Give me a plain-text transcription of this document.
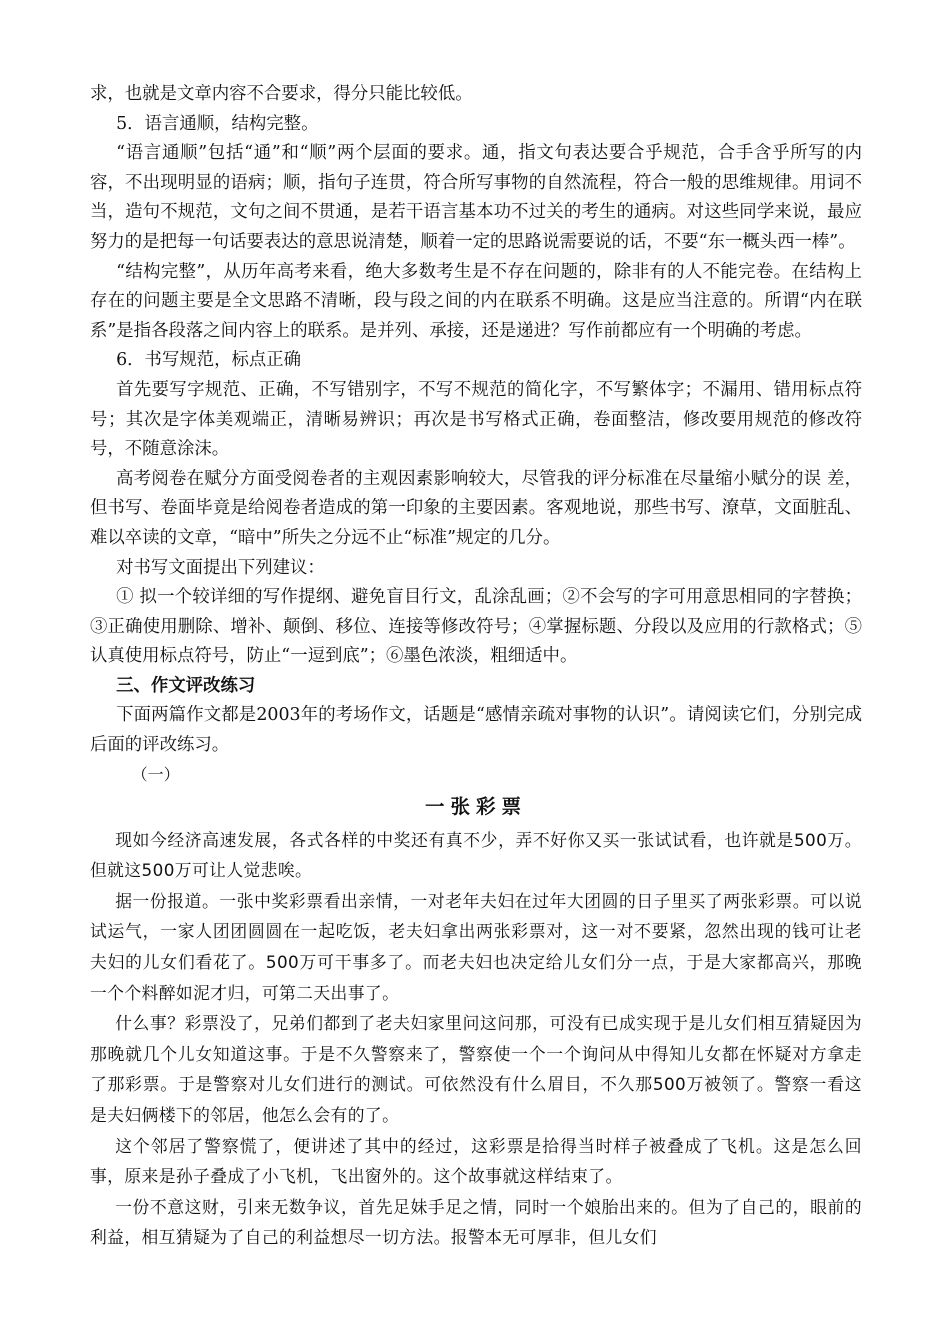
求，也就是文章内容不合要求，得分只能比较低。

5．语言通顺，结构完整。

“语言通顺”包括“通”和“顺”两个层面的要求。通，指文句表达要合乎规范，合手含乎所写的内容，不出现明显的语病；顺，指句子连贯，符合所写事物的自然流程，符合一般的思维规律。用词不当，造句不规范，文句之间不贯通，是若干语言基本功不过关的考生的通病。对这些同学来说，最应努力的是把每一句话要表达的意思说清楚，顺着一定的思路说需要说的话，不要“东一概头西一棒”。

“结构完整”，从历年高考来看，绝大多数考生是不存在问题的，除非有的人不能完卷。在结构上存在的问题主要是全文思路不清晰，段与段之间的内在联系不明确。这是应当注意的。所谓“内在联系”是指各段落之间内容上的联系。是并列、承接，还是递进？写作前都应有一个明确的考虑。

6．书写规范，标点正确

首先要写字规范、正确，不写错别字，不写不规范的简化字，不写繁体字；不漏用、错用标点符号；其次是字体美观端正，清晰易辨识；再次是书写格式正确，卷面整洁，修改要用规范的修改符号，不随意涂沫。

高考阅卷在赋分方面受阅卷者的主观因素影响较大，尽管我的评分标准在尽量缩小赋分的误 差，但书写、卷面毕竟是给阅卷者造成的第一印象的主要因素。客观地说，那些书写、潦草，文面脏乱、难以卒读的文章，“暗中”所失之分远不止“标准”规定的几分。

对书写文面提出下列建议：

① 拟一个较详细的写作提纲、避免盲目行文，乱涂乱画；②不会写的字可用意思相同的字替换；③正确使用删除、增补、颠倒、移位、连接等修改符号；④掌握标题、分段以及应用的行款格式；⑤认真使用标点符号，防止“一逗到底”；⑥墨色浓淡，粗细适中。

三、作文评改练习

下面两篇作文都是2003年的考场作文，话题是“感情亲疏对事物的认识”。请阅读它们，分别完成后面的评改练习。

（一）

一张彩票

现如今经济高速发展，各式各样的中奖还有真不少，弄不好你又买一张试试看，也许就是500万。但就这500万可让人觉悲唉。

据一份报道。一张中奖彩票看出亲情，一对老年夫妇在过年大团圆的日子里买了两张彩票。可以说试运气，一家人团团圆圆在一起吃饭，老夫妇拿出两张彩票对，这一对不要紧，忽然出现的钱可让老夫妇的儿女们看花了。500万可干事多了。而老夫妇也决定给儿女们分一点，于是大家都高兴，那晚一个个料醉如泥才归，可第二天出事了。

什么事？彩票没了，兄弟们都到了老夫妇家里问这问那，可没有已成实现于是儿女们相互猜疑因为那晚就几个儿女知道这事。于是不久警察来了，警察使一个一个询问从中得知儿女都在怀疑对方拿走了那彩票。于是警察对儿女们进行的测试。可依然没有什么眉目，不久那500万被领了。警察一看这是夫妇俩楼下的邻居，他怎么会有的了。

这个邻居了警察慌了，便讲述了其中的经过，这彩票是拾得当时样子被叠成了飞机。这是怎么回事，原来是孙子叠成了小飞机，飞出窗外的。这个故事就这样结束了。

一份不意这财，引来无数争议，首先足妹手足之情，同时一个娘胎出来的。但为了自己的，眼前的利益，相互猜疑为了自己的利益想尽一切方法。报警本无可厚非，但儿女们
